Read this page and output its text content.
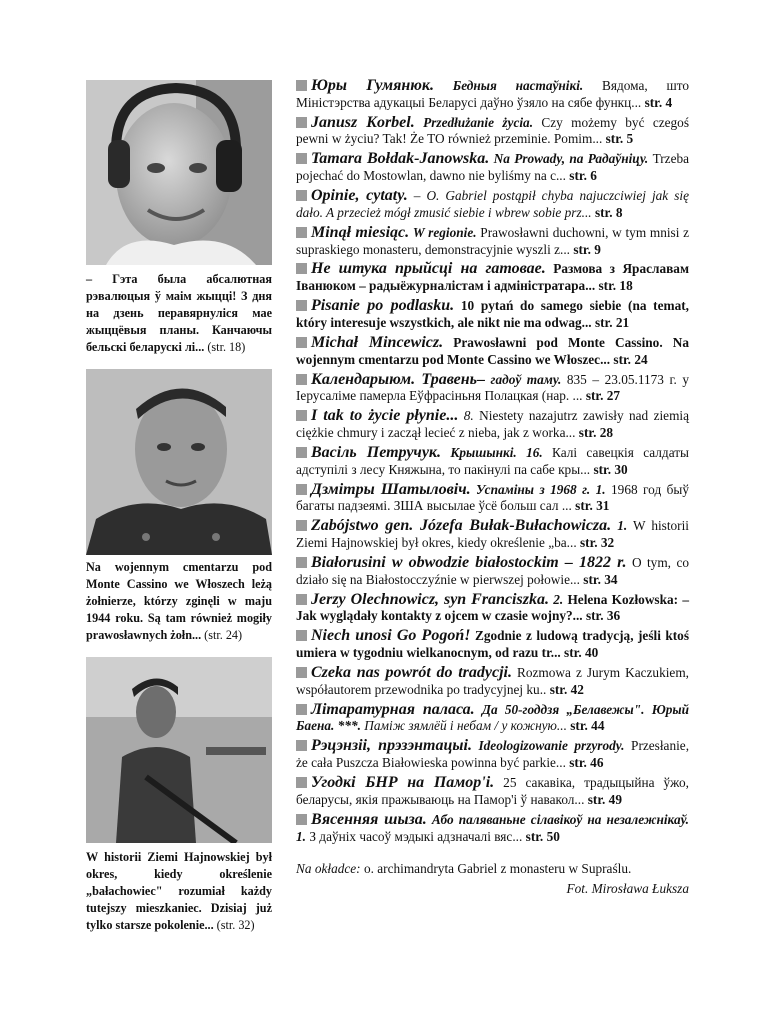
– Гэта была абсалютная рэвалюцыя ў маім жыцці! З дня на дзень перавярнуліся мае жыццёвыя планы. Канчаючы бельскі беларускі лі... (str. 18)
Na wojennym cmentarzu pod Monte Cassino we Włoszech leżą żołnierze, którzy zginęli w maju 1944 roku. Są tam również mogiły prawosławnych żołn... (str. 24)
W historii Ziemi Hajnowskiej był okres, kiedy określenie „bałachowiec" rozumiał każdy tutejszy mieszkaniec. Dzisiaj już tylko starsze pokolenie... (str. 32)
Юры Гумянюк. Бедныя настаўнікі. Вядома, што Міністэрства адукацыі Беларусі даўно ўзяло на сябе функц... str. 4
Janusz Korbel. Przedłużanie życia. Czy możemy być czegoś pewni w życiu? Tak! Że TO również przeminie. Pomim... str. 5
Tamara Bołdak-Janowska. Na Prowady, na Радаўніцу. Trzeba pojechać do Mostowlan, dawno nie byliśmy na c... str. 6
Opinie, cytaty. – O. Gabriel postąpił chyba najuczciwiej jak się dało. A przecież mógł zmusić siebie i wbrew sobie prz... str. 8
Minął miesiąc. W regionie. Prawosławni duchowni, w tym mnisi z supraskiego monasteru, demonstracyjnie wyszli z... str. 9
Не штука прыйсці на гатовае. Размова з Яраславам Іванюком – радыёжурналістам і адміністратара... str. 18
Pisanie po podlasku. 10 pytań do samego siebie (na temat, który interesuje wszystkich, ale nikt nie ma odwag... str. 21
Michał Mincewicz. Prawosławni pod Monte Cassino. Na wojennym cmentarzu pod Monte Cassino we Włoszec... str. 24
Календарыюм. Травень– гадоў таму. 835 – 23.05.1173 г. у Іерусаліме памерла Еўфрасіньня Полацкая (нар. ... str. 27
I tak to życie płynie... 8. Niestety nazajutrz zawisły nad ziemią ciężkie chmury i zaczął lecieć z nieba, jak z worka... str. 28
Васіль Петручук. Крышынкі. 16. Калі савецкія салдаты адступілі з лесу Княжына, то пакінулі па сабе кры... str. 30
Дзмітры Шатыловіч. Успаміны з 1968 г. 1. 1968 год быў багаты падзеямі. ЗША высылае ўсё больш сал ... str. 31
Zabójstwo gen. Józefa Bułak-Bułachowicza. 1. W historii Ziemi Hajnowskiej był okres, kiedy określenie „ba... str. 32
Białorusini w obwodzie białostockim – 1822 r. O tym, co działo się na Białostocczyźnie w pierwszej połowie... str. 34
Jerzy Olechnowicz, syn Franciszka. 2. Helena Kozłowska: – Jak wyglądały kontakty z ojcem w czasie wojny?... str. 36
Niech unosi Go Pogoń! Zgodnie z ludową tradycją, jeśli ktoś umiera w tygodniu wielkanocnym, od razu tr... str. 40
Czeka nas powrót do tradycji. Rozmowa z Jurym Kaczukiem, współautorem przewodnika po tradycyjnej ku.. str. 42
Літаратурная паласа. Да 50-годдзя „Белавежы". Юрый Баена. ***. Паміж зямлёй і небам / у кожную... str. 44
Рэцэнзіі, прэзэнтацыі. Ideologizowanie przyrody. Przesłanie, że cała Puszcza Białowieska powinna być parkie... str. 46
Угодкі БНР на Памор'і. 25 сакавіка, традыцыйна ўжо, беларусы, якія пражываюць на Памор'і ў навакол... str. 49
Вясенняя шыза. Або паляваньне сілавікоў на незалежнікаў. 1. З даўніх часоў мэдыкі адзначалі вяс... str. 50
Na okładce: o. archimandryta Gabriel z monasteru w Supraślu.
Fot. Mirosława Łuksza
